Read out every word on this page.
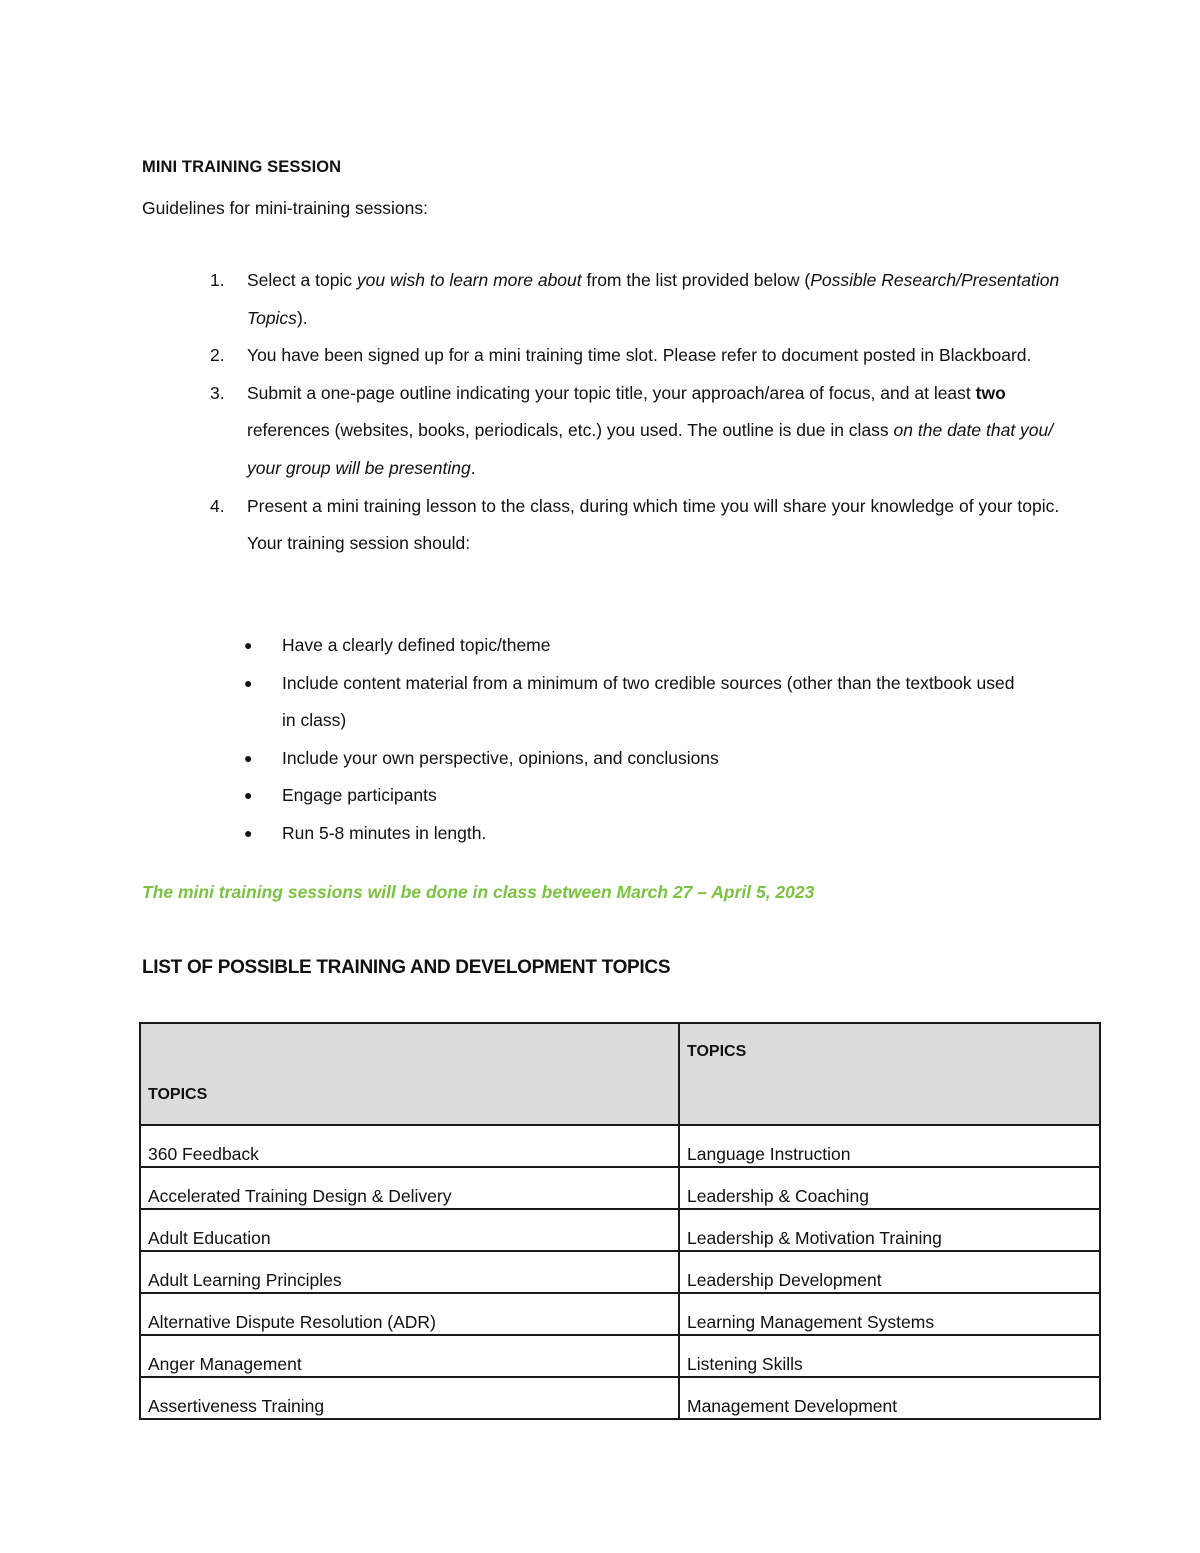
MINI TRAINING SESSION
Guidelines for mini-training sessions:
1. Select a topic you wish to learn more about from the list provided below (Possible Research/Presentation Topics).
2. You have been signed up for a mini training time slot. Please refer to document posted in Blackboard.
3. Submit a one-page outline indicating your topic title, your approach/area of focus, and at least two references (websites, books, periodicals, etc.) you used. The outline is due in class on the date that you/ your group will be presenting.
4. Present a mini training lesson to the class, during which time you will share your knowledge of your topic. Your training session should:
● Have a clearly defined topic/theme
● Include content material from a minimum of two credible sources (other than the textbook used in class)
● Include your own perspective, opinions, and conclusions
● Engage participants
● Run 5-8 minutes in length.
The mini training sessions will be done in class between March 27 – April 5, 2023
LIST OF POSSIBLE TRAINING AND DEVELOPMENT TOPICS
TOPICS	TOPICS
360 Feedback	Language Instruction
Accelerated Training Design & Delivery	Leadership & Coaching
Adult Education	Leadership & Motivation Training
Adult Learning Principles	Leadership Development
Alternative Dispute Resolution (ADR)	Learning Management Systems
Anger Management	Listening Skills
Assertiveness Training	Management Development
